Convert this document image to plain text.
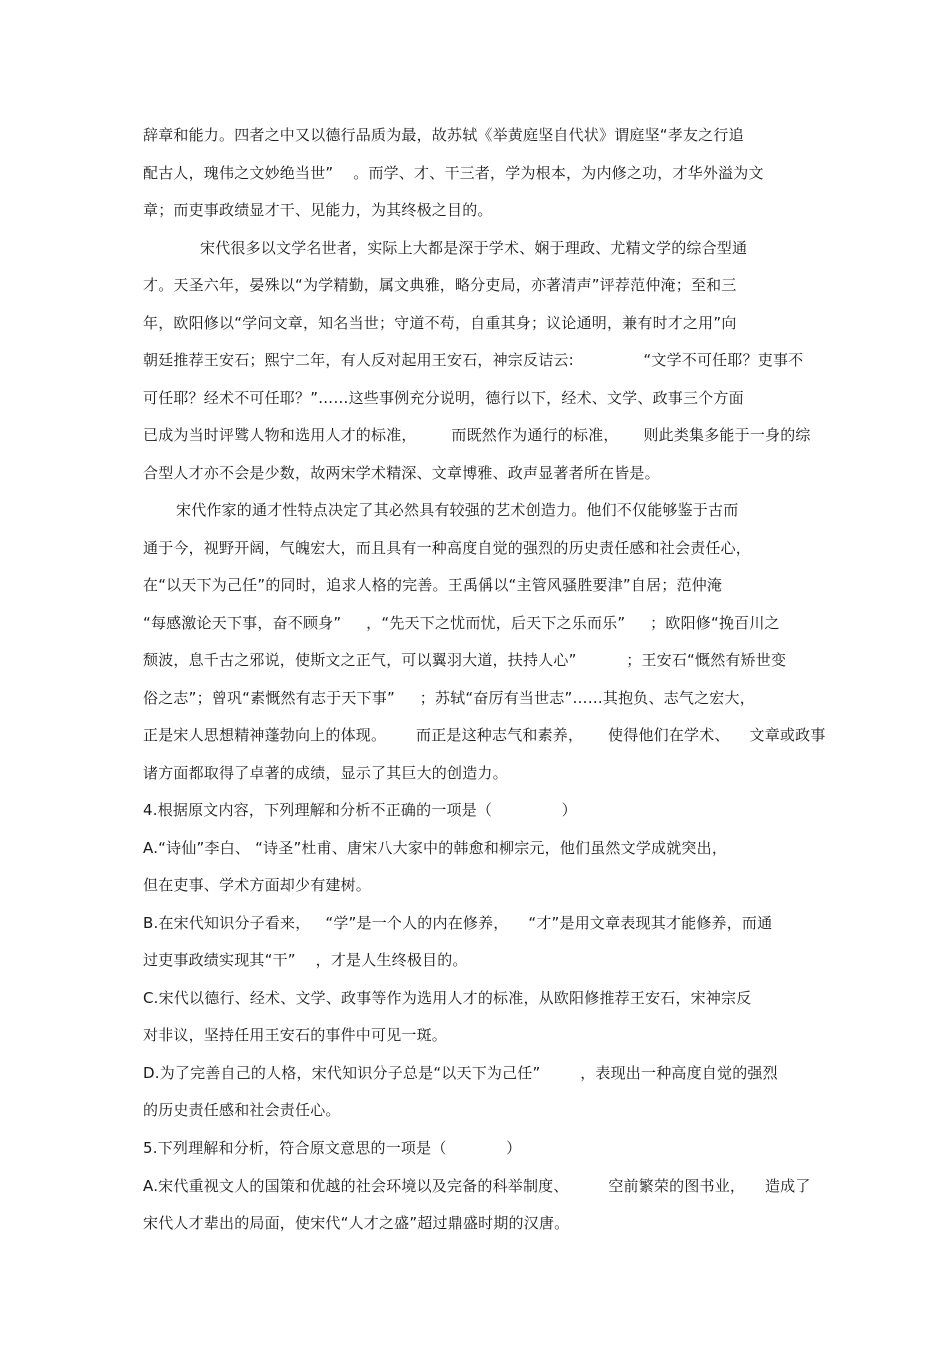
辞章和能力。四者之中又以德行品质为最，故苏轼《举黄庭坚自代状》谓庭坚“孝友之行追
配古人，瑰伟之文妙绝当世”    。而学、才、干三者，学为根本，为内修之功，才华外溢为文
章；而吏事政绩显才干、见能力，为其终极之目的。
宋代很多以文学名世者，实际上大都是深于学术、娴于理政、尤精文学的综合型通
才。天圣六年，晏殊以“为学精勤，属文典雅，略分吏局，亦著清声”评荐范仲淹；至和三
年，欧阳修以“学问文章，知名当世；守道不苟，自重其身；议论通明，兼有时才之用”向
朝廷推荐王安石；熙宁二年，有人反对起用王安石，神宗反诘云:              “文学不可任耶？吏事不
可任耶？经术不可任耶？”……这些事例充分说明，德行以下，经术、文学、政事三个方面
已成为当时评骘人物和选用人才的标准，       而既然作为通行的标准，     则此类集多能于一身的综
合型人才亦不会是少数，故两宋学术精深、文章博雅、政声显著者所在皆是。
宋代作家的通才性特点决定了其必然具有较强的艺术创造力。他们不仅能够鉴于古而
通于今，视野开阔，气魄宏大，而且具有一种高度自觉的强烈的历史责任感和社会责任心，
在“以天下为己任”的同时，追求人格的完善。王禹偁以“主管风骚胜要津”自居；范仲淹
“每感激论天下事，奋不顾身”     ，“先天下之忧而忧，后天下之乐而乐”     ；欧阳修“挽百川之
颓波，息千古之邪说，使斯文之正气，可以翼羽大道，扶持人心”          ；王安石“慨然有矫世变
俗之志”；曾巩“素慨然有志于天下事”     ；苏轼“奋厉有当世志”……其抱负、志气之宏大，
正是宋人思想精神蓬勃向上的体现。      而正是这种志气和素养，     使得他们在学术、    文章或政事
诸方面都取得了卓著的成绩，显示了其巨大的创造力。
4.根据原文内容，下列理解和分析不正确的一项是（              ）
A.“诗仙”李白、 “诗圣”杜甫、唐宋八大家中的韩愈和柳宗元，他们虽然文学成就突出，
但在吏事、学术方面却少有建树。
B.在宋代知识分子看来，   “学”是一个人的内在修养，    “才”是用文章表现其才能修养，而通
过吏事政绩实现其“干”    ，才是人生终极目的。
C.宋代以德行、经术、文学、政事等作为选用人才的标准，从欧阳修推荐王安石，宋神宗反
对非议，坚持任用王安石的事件中可见一斑。
D.为了完善自己的人格，宋代知识分子总是“以天下为己任”        ，表现出一种高度自觉的强烈
的历史责任感和社会责任心。
5.下列理解和分析，符合原文意思的一项是（            ）
A.宋代重视文人的国策和优越的社会环境以及完备的科举制度、        空前繁荣的图书业，    造成了
宋代人才辈出的局面，使宋代“人才之盛”超过鼎盛时期的汉唐。
